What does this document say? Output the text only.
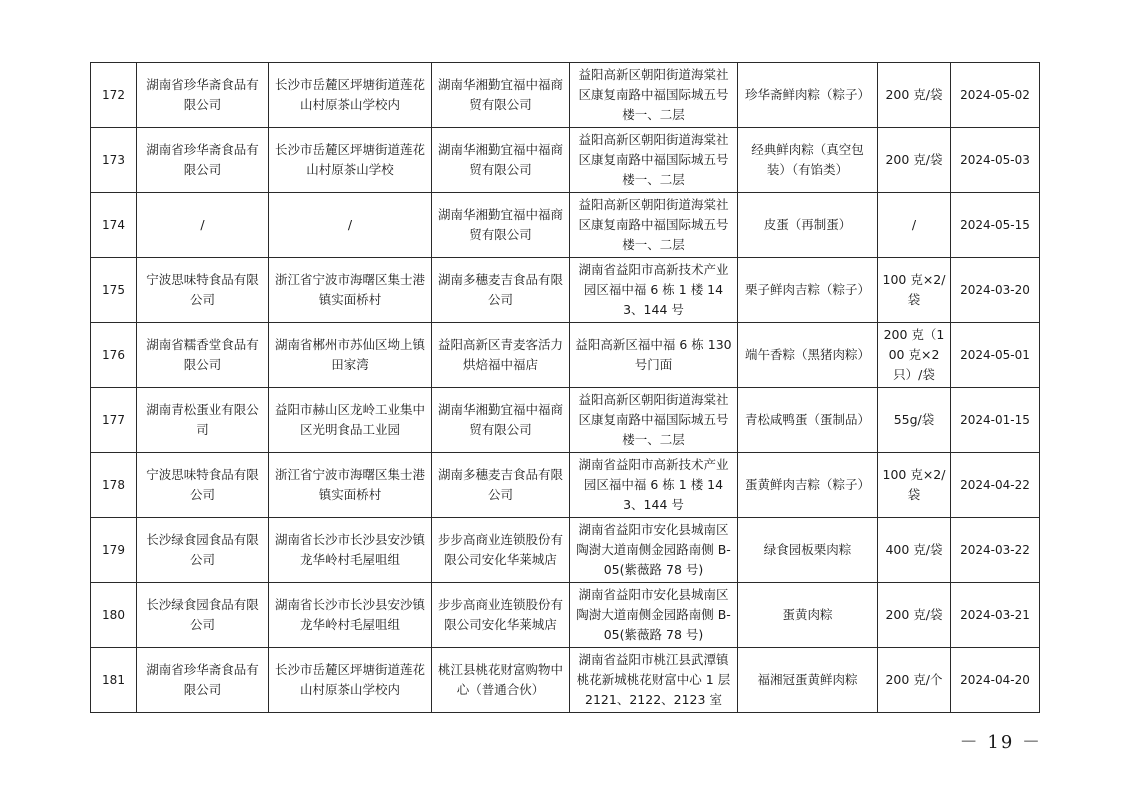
172	湖南省珍华斋食品有限公司	长沙市岳麓区坪塘街道莲花山村原茶山学校内	湖南华湘勤宜福中福商贸有限公司	益阳高新区朝阳街道海棠社区康复南路中福国际城五号楼一、二层	珍华斋鲜肉粽（粽子）	200 克/袋	2024-05-02
173	湖南省珍华斋食品有限公司	长沙市岳麓区坪塘街道莲花山村原茶山学校	湖南华湘勤宜福中福商贸有限公司	益阳高新区朝阳街道海棠社区康复南路中福国际城五号楼一、二层	经典鲜肉粽（真空包装）（有馅类）	200 克/袋	2024-05-03
174	/	/	湖南华湘勤宜福中福商贸有限公司	益阳高新区朝阳街道海棠社区康复南路中福国际城五号楼一、二层	皮蛋（再制蛋）	/	2024-05-15
175	宁波思味特食品有限公司	浙江省宁波市海曙区集士港镇实面桥村	湖南多穗麦吉食品有限公司	湖南省益阳市高新技术产业园区福中福 6 栋 1 楼 143、144 号	栗子鲜肉吉粽（粽子）	100 克×2/袋	2024-03-20
176	湖南省糯香堂食品有限公司	湖南省郴州市苏仙区坳上镇田家湾	益阳高新区青麦客活力烘焙福中福店	益阳高新区福中福 6 栋 130 号门面	端午香粽（黑猪肉粽）	200 克（100 克×2 只）/袋	2024-05-01
177	湖南青松蛋业有限公司	益阳市赫山区龙岭工业集中区光明食品工业园	湖南华湘勤宜福中福商贸有限公司	益阳高新区朝阳街道海棠社区康复南路中福国际城五号楼一、二层	青松咸鸭蛋（蛋制品）	55g/袋	2024-01-15
178	宁波思味特食品有限公司	浙江省宁波市海曙区集士港镇实面桥村	湖南多穗麦吉食品有限公司	湖南省益阳市高新技术产业园区福中福 6 栋 1 楼 143、144 号	蛋黄鲜肉吉粽（粽子）	100 克×2/袋	2024-04-22
179	长沙绿食园食品有限公司	湖南省长沙市长沙县安沙镇龙华岭村毛屋咀组	步步高商业连锁股份有限公司安化华莱城店	湖南省益阳市安化县城南区陶澍大道南侧金园路南侧 B-05(紫薇路 78 号)	绿食园板栗肉粽	400 克/袋	2024-03-22
180	长沙绿食园食品有限公司	湖南省长沙市长沙县安沙镇龙华岭村毛屋咀组	步步高商业连锁股份有限公司安化华莱城店	湖南省益阳市安化县城南区陶澍大道南侧金园路南侧 B-05(紫薇路 78 号)	蛋黄肉粽	200 克/袋	2024-03-21
181	湖南省珍华斋食品有限公司	长沙市岳麓区坪塘街道莲花山村原茶山学校内	桃江县桃花财富购物中心（普通合伙）	湖南省益阳市桃江县武潭镇桃花新城桃花财富中心 1 层 2121、2122、2123 室	福湘冠蛋黄鲜肉粽	200 克/个	2024-04-20
－ 19 －
